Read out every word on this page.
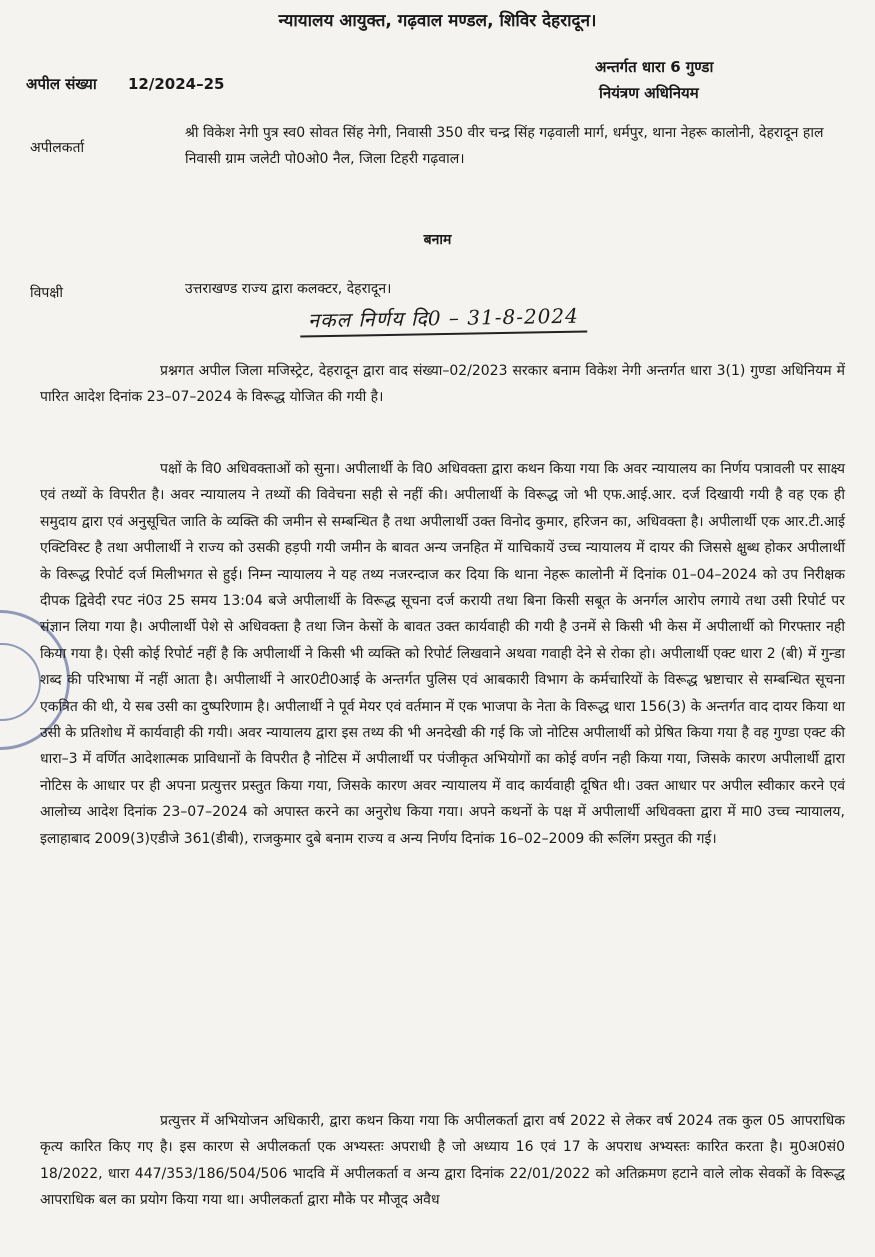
न्यायालय आयुक्त, गढ़वाल मण्डल, शिविर देहरादून।
अपील संख्या 12/2024–25
अन्तर्गत धारा 6 गुण्डा
नियंत्रण अधिनियम
अपीलकर्ता
श्री विकेश नेगी पुत्र स्व0 सोवत सिंह नेगी, निवासी 350 वीर चन्द्र सिंह गढ़वाली मार्ग, धर्मपुर, थाना नेहरू कालोनी, देहरादून हाल निवासी ग्राम जलेटी पो0ओ0 नैल, जिला टिहरी गढ़वाल।
बनाम
विपक्षी	उत्तराखण्ड राज्य द्वारा कलक्टर, देहरादून।
नकल निर्णय दि0 – 31-8-2024
प्रश्नगत अपील जिला मजिस्ट्रेट, देहरादून द्वारा वाद संख्या–02/2023 सरकार बनाम विकेश नेगी अन्तर्गत धारा 3(1) गुण्डा अधिनियम में पारित आदेश दिनांक 23–07–2024 के विरूद्ध योजित की गयी है।
पक्षों के वि0 अधिवक्ताओं को सुना। अपीलार्थी के वि0 अधिवक्ता द्वारा कथन किया गया कि अवर न्यायालय का निर्णय पत्रावली पर साक्ष्य एवं तथ्यों के विपरीत है। अवर न्यायालय ने तथ्यों की विवेचना सही से नहीं की। अपीलार्थी के विरूद्ध जो भी एफ.आई.आर. दर्ज दिखायी गयी है वह एक ही समुदाय द्वारा एवं अनुसूचित जाति के व्यक्ति की जमीन से सम्बन्धित है तथा अपीलार्थी उक्त विनोद कुमार, हरिजन का, अधिवक्ता है। अपीलार्थी एक आर.टी.आई एक्टिविस्ट है तथा अपीलार्थी ने राज्य को उसकी हड़पी गयी जमीन के बावत अन्य जनहित में याचिकायें उच्च न्यायालय में दायर की जिससे क्षुब्ध होकर अपीलार्थी के विरूद्ध रिपोर्ट दर्ज मिलीभगत से हुई। निम्न न्यायालय ने यह तथ्य नजरन्दाज कर दिया कि थाना नेहरू कालोनी में दिनांक 01–04–2024 को उप निरीक्षक दीपक द्विवेदी रपट नं0उ 25 समय 13:04 बजे अपीलार्थी के विरूद्ध सूचना दर्ज करायी तथा बिना किसी सबूत के अनर्गल आरोप लगाये तथा उसी रिपोर्ट पर संज्ञान लिया गया है। अपीलार्थी पेशे से अधिवक्ता है तथा जिन केसों के बावत उक्त कार्यवाही की गयी है उनमें से किसी भी केस में अपीलार्थी को गिरफ्तार नही किया गया है। ऐसी कोई रिपोर्ट नहीं है कि अपीलार्थी ने किसी भी व्यक्ति को रिपोर्ट लिखवाने अथवा गवाही देने से रोका हो। अपीलार्थी एक्ट धारा 2 (बी) में गुन्डा शब्द की परिभाषा में नहीं आता है। अपीलार्थी ने आर0टी0आई के अन्तर्गत पुलिस एवं आबकारी विभाग के कर्मचारियों के विरूद्ध भ्रष्टाचार से सम्बन्धित सूचना एकत्रित की थी, ये सब उसी का दुष्परिणाम है। अपीलार्थी ने पूर्व मेयर एवं वर्तमान में एक भाजपा के नेता के विरूद्ध धारा 156(3) के अन्तर्गत वाद दायर किया था उसी के प्रतिशोध में कार्यवाही की गयी। अवर न्यायालय द्वारा इस तथ्य की भी अनदेखी की गई कि जो नोटिस अपीलार्थी को प्रेषित किया गया है वह गुण्डा एक्ट की धारा–3 में वर्णित आदेशात्मक प्राविधानों के विपरीत है नोटिस में अपीलार्थी पर पंजीकृत अभियोगों का कोई वर्णन नही किया गया, जिसके कारण अपीलार्थी द्वारा नोटिस के आधार पर ही अपना प्रत्युत्तर प्रस्तुत किया गया, जिसके कारण अवर न्यायालय में वाद कार्यवाही दूषित थी। उक्त आधार पर अपील स्वीकार करने एवं आलोच्य आदेश दिनांक 23–07–2024 को अपास्त करने का अनुरोध किया गया। अपने कथनों के पक्ष में अपीलार्थी अधिवक्ता द्वारा में मा0 उच्च न्यायालय, इलाहाबाद 2009(3)एडीजे 361(डीबी), राजकुमार दुबे बनाम राज्य व अन्य निर्णय दिनांक 16–02–2009 की रूलिंग प्रस्तुत की गई।
प्रत्युत्तर में अभियोजन अधिकारी, द्वारा कथन किया गया कि अपीलकर्ता द्वारा वर्ष 2022 से लेकर वर्ष 2024 तक कुल 05 आपराधिक कृत्य कारित किए गए है। इस कारण से अपीलकर्ता एक अभ्यस्तः अपराधी है जो अध्याय 16 एवं 17 के अपराध अभ्यस्तः कारित करता है। मु0अ0सं0 18/2022, धारा 447/353/186/504/506 भादवि में अपीलकर्ता व अन्य द्वारा दिनांक 22/01/2022 को अतिक्रमण हटाने वाले लोक सेवकों के विरूद्ध आपराधिक बल का प्रयोग किया गया था। अपीलकर्ता द्वारा मौके पर मौजूद अवैध
